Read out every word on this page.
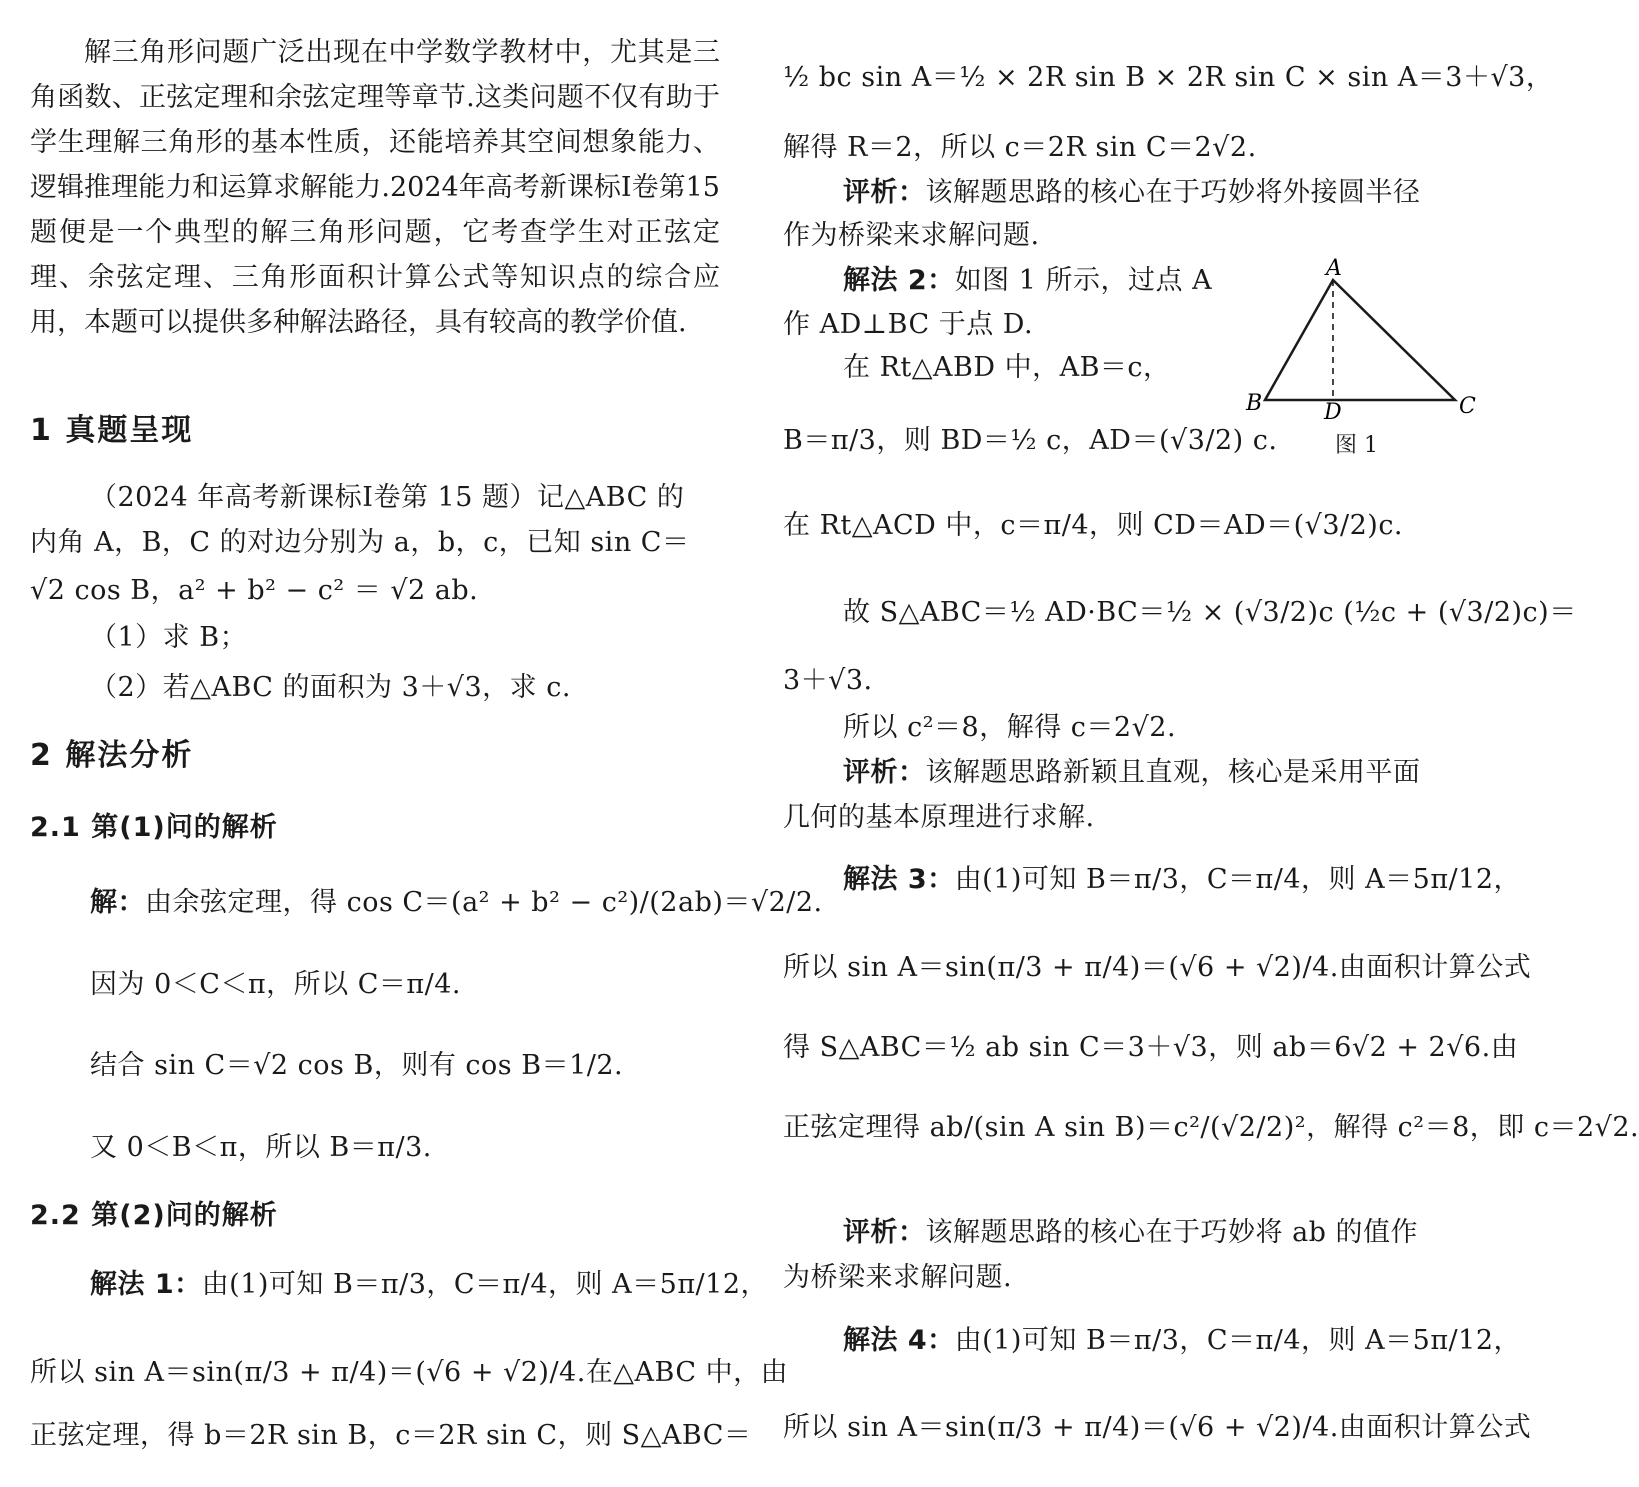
解三角形问题广泛出现在中学数学教材中，尤其是三角函数、正弦定理和余弦定理等章节.这类问题不仅有助于学生理解三角形的基本性质，还能培养其空间想象能力、逻辑推理能力和运算求解能力.2024年高考新课标Ⅰ卷第15题便是一个典型的解三角形问题，它考查学生对正弦定理、余弦定理、三角形面积计算公式等知识点的综合应用，本题可以提供多种解法路径，具有较高的教学价值.

1 真题呈现
（2024 年高考新课标Ⅰ卷第 15 题）记△ABC 的
内角 A，B，C 的对边分别为 a，b，c，已知 sin C＝
√2 cos B，a² + b² − c² ＝ √2 ab.
（1）求 B；
（2）若△ABC 的面积为 3＋√3，求 c.
2 解法分析
2.1 第(1)问的解析
解：由余弦定理，得 cos C＝(a² + b² − c²)/(2ab)＝√2/2.
因为 0＜C＜π，所以 C＝π/4.
结合 sin C＝√2 cos B，则有 cos B＝1/2.
又 0＜B＜π，所以 B＝π/3.
2.2 第(2)问的解析
解法 1：由(1)可知 B＝π/3，C＝π/4，则 A＝5π/12，
所以 sin A＝sin(π/3 + π/4)＝(√6 + √2)/4.在△ABC 中，由
正弦定理，得 b＝2R sin B，c＝2R sin C，则 S△ABC＝
½ bc sin A＝½ × 2R sin B × 2R sin C × sin A＝3＋√3，
解得 R＝2，所以 c＝2R sin C＝2√2.
评析：该解题思路的核心在于巧妙将外接圆半径
作为桥梁来求解问题.
解法 2：如图 1 所示，过点 A
作 AD⊥BC 于点 D.
在 Rt△ABD 中，AB＝c，
B＝π/3，则 BD＝½ c，AD＝(√3/2) c.
在 Rt△ACD 中，c＝π/4，则 CD＝AD＝(√3/2)c.
故 S△ABC＝½ AD·BC＝½ × (√3/2)c (½c + (√3/2)c)＝
3＋√3.
所以 c²＝8，解得 c＝2√2.
评析：该解题思路新颖且直观，核心是采用平面
几何的基本原理进行求解.
解法 3：由(1)可知 B＝π/3，C＝π/4，则 A＝5π/12，
所以 sin A＝sin(π/3 + π/4)＝(√6 + √2)/4.由面积计算公式
得 S△ABC＝½ ab sin C＝3＋√3，则 ab＝6√2 + 2√6.由
正弦定理得 ab/(sin A sin B)＝c²/(√2/2)²，解得 c²＝8，即 c＝2√2.
评析：该解题思路的核心在于巧妙将 ab 的值作
为桥梁来求解问题.
解法 4：由(1)可知 B＝π/3，C＝π/4，则 A＝5π/12，
所以 sin A＝sin(π/3 + π/4)＝(√6 + √2)/4.由面积计算公式
A
B	C
D
图 1
